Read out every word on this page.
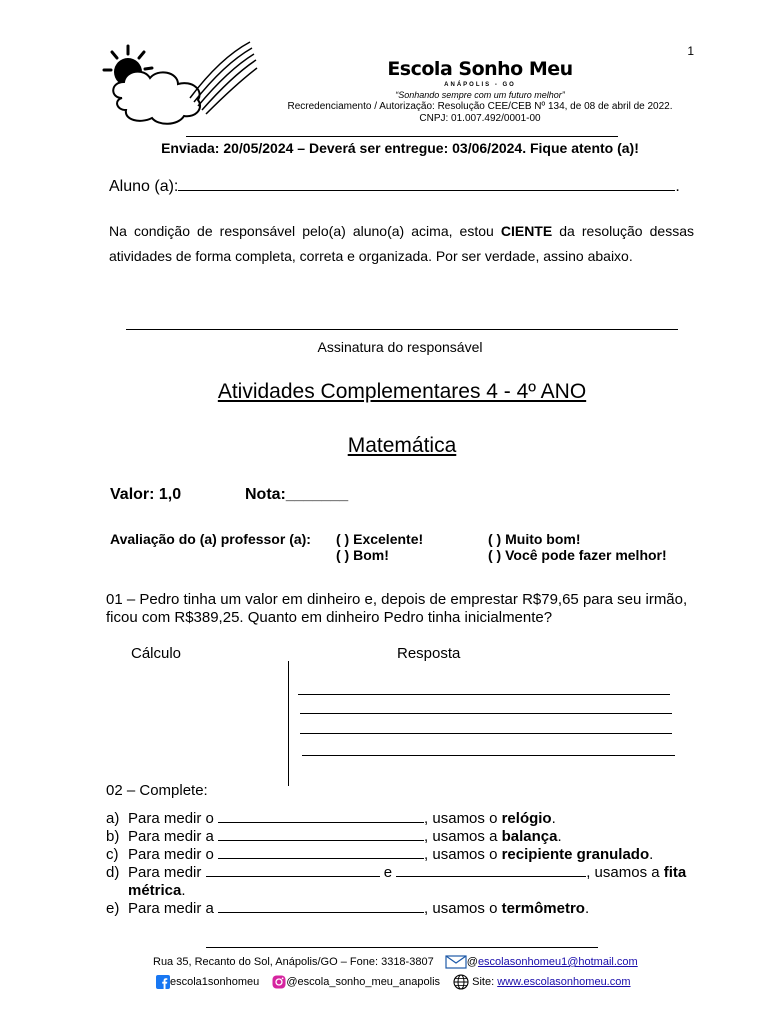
1
Escola Sonho Meu
ANÁPOLIS - GO
“Sonhando sempre com um futuro melhor”
Recredenciamento / Autorização: Resolução CEE/CEB Nº 134, de 08 de abril de 2022.
CNPJ: 01.007.492/0001-00
Enviada: 20/05/2024 – Deverá ser entregue: 03/06/2024. Fique atento (a)!
Aluno (a):	.
Na condição de responsável pelo(a) aluno(a) acima, estou CIENTE da resolução dessas atividades de forma completa, correta e organizada. Por ser verdade, assino abaixo.
Assinatura do responsável
Atividades Complementares 4 - 4º ANO
Matemática
Valor: 1,0	Nota:_______
Avaliação do (a) professor (a): ( ) Excelente!	( ) Muito bom!
( ) Bom!	( ) Você pode fazer melhor!
01 – Pedro tinha um valor em dinheiro e, depois de emprestar R$79,65 para seu irmão, ficou com R$389,25. Quanto em dinheiro Pedro tinha inicialmente?
Cálculo	Resposta
02 – Complete:
a) Para medir o	, usamos o relógio.
b) Para medir a	, usamos a balança.
c) Para medir o	, usamos o recipiente granulado.
d) Para medir	e	, usamos a fita
métrica.
e) Para medir a	, usamos o termômetro.
Rua 35, Recanto do Sol, Anápolis/GO – Fone: 3318-3807	@escolasonhomeu1@hotmail.com
escola1sonhomeu @escola_sonho_meu_anapolis	Site: www.escolasonhomeu.com
